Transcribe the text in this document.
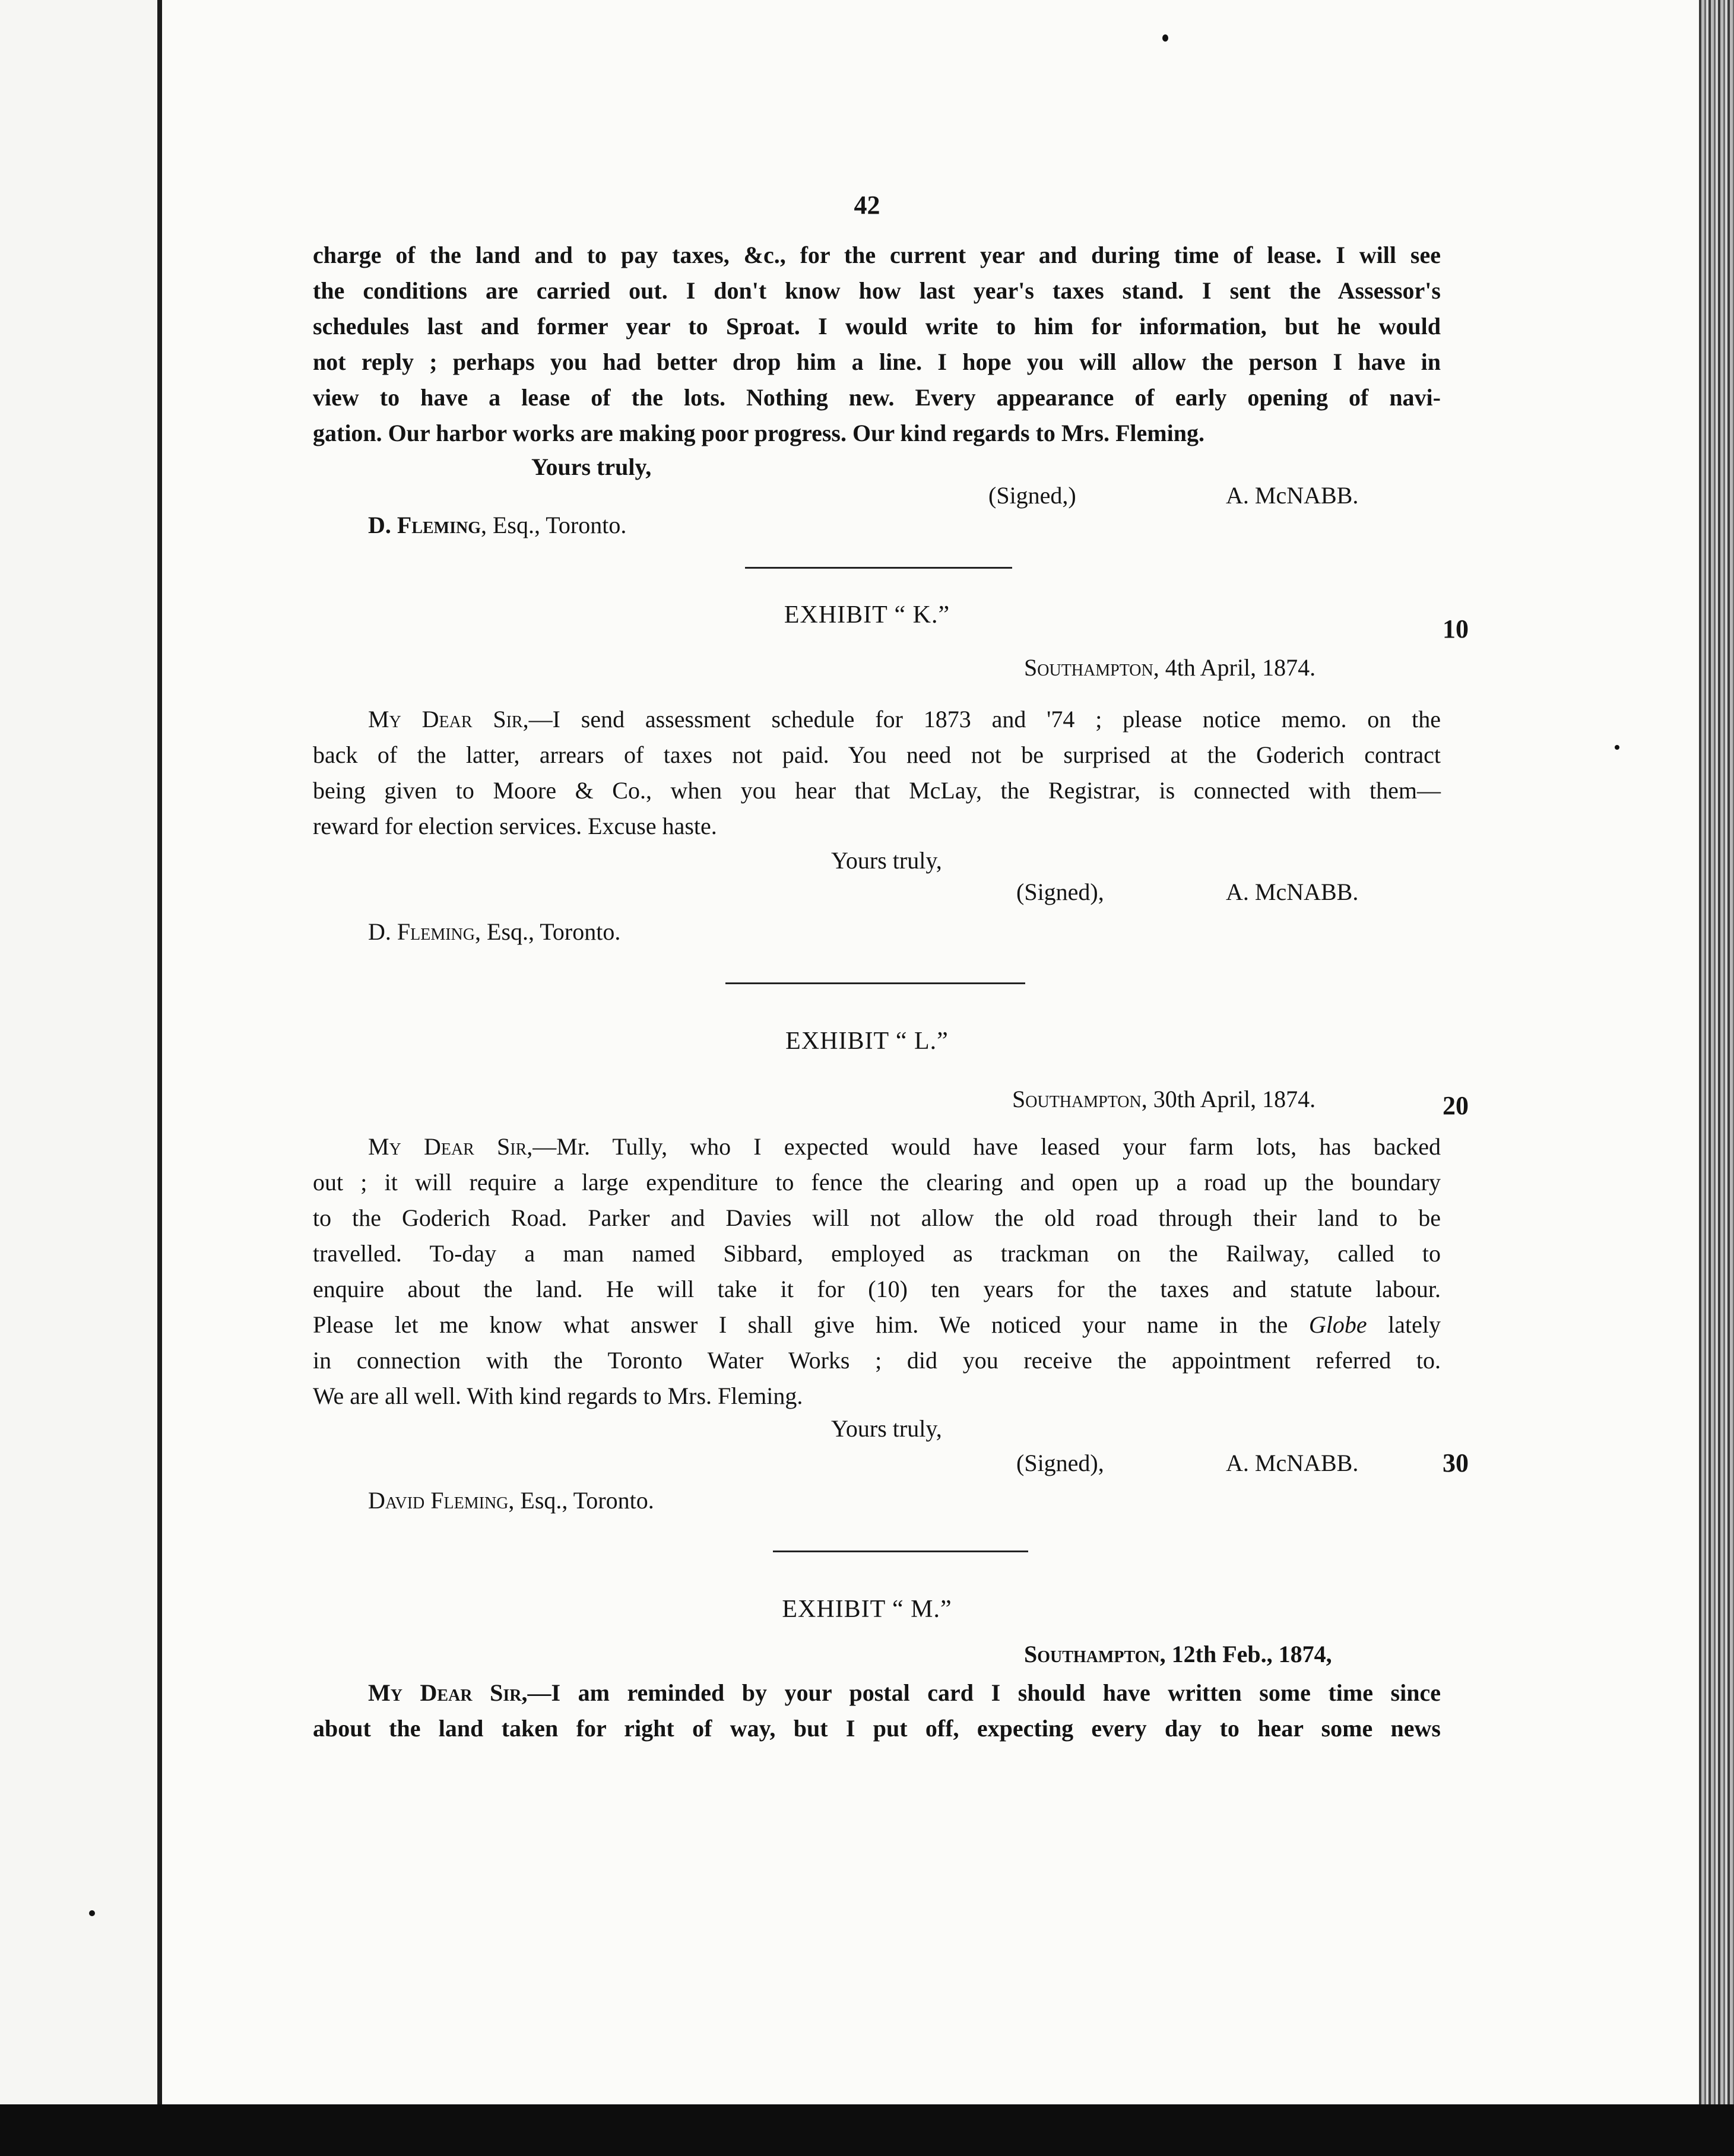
42
charge of the land and to pay taxes, &c., for the current year and during time of lease. I will see
the conditions are carried out. I don't know how last year's taxes stand. I sent the Assessor's
schedules last and former year to Sproat. I would write to him for information, but he would
not reply ; perhaps you had better drop him a line. I hope you will allow the person I have in
view to have a lease of the lots. Nothing new. Every appearance of early opening of navi-
gation. Our harbor works are making poor progress. Our kind regards to Mrs. Fleming.
Yours truly,
(Signed,)	A. McNABB.
D. Fleming, Esq., Toronto.
EXHIBIT “ K.”	10
Southampton, 4th April, 1874.
My Dear Sir,—I send assessment schedule for 1873 and '74 ; please notice memo. on the
back of the latter, arrears of taxes not paid. You need not be surprised at the Goderich contract
being given to Moore & Co., when you hear that McLay, the Registrar, is connected with them—
reward for election services. Excuse haste.
Yours truly,
(Signed),	A. McNABB.
D. Fleming, Esq., Toronto.
EXHIBIT “ L.”
Southampton, 30th April, 1874.	20
My Dear Sir,—Mr. Tully, who I expected would have leased your farm lots, has backed
out ; it will require a large expenditure to fence the clearing and open up a road up the boundary
to the Goderich Road. Parker and Davies will not allow the old road through their land to be
travelled. To-day a man named Sibbard, employed as trackman on the Railway, called to
enquire about the land. He will take it for (10) ten years for the taxes and statute labour.
Please let me know what answer I shall give him. We noticed your name in the Globe lately
in connection with the Toronto Water Works ; did you receive the appointment referred to.
We are all well. With kind regards to Mrs. Fleming.
Yours truly,
(Signed),	A. McNABB.	30
David Fleming, Esq., Toronto.
EXHIBIT “ M.”
Southampton, 12th Feb., 1874,
My Dear Sir,—I am reminded by your postal card I should have written some time since
about the land taken for right of way, but I put off, expecting every day to hear some news
